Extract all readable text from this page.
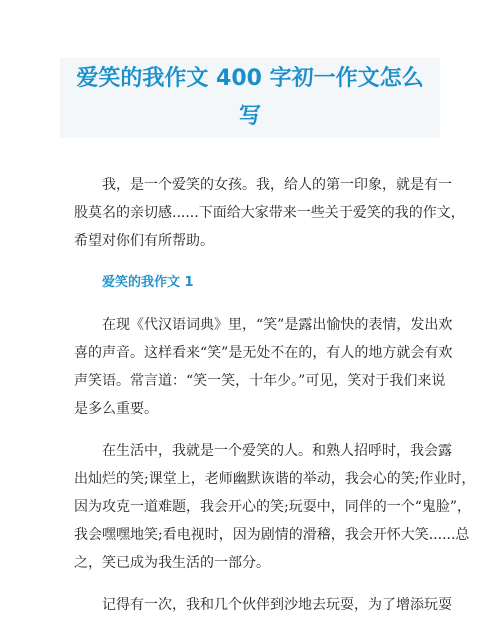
爱笑的我作文 400 字初一作文怎么
写
我，是一个爱笑的女孩。我，给人的第一印象，就是有一
股莫名的亲切感......下面给大家带来一些关于爱笑的我的作文，
希望对你们有所帮助。
爱笑的我作文 1
在现《代汉语词典》里，“笑”是露出愉快的表情，发出欢
喜的声音。这样看来“笑”是无处不在的，有人的地方就会有欢
声笑语。常言道：“笑一笑，十年少。”可见，笑对于我们来说
是多么重要。
在生活中，我就是一个爱笑的人。和熟人招呼时，我会露
出灿烂的笑;课堂上，老师幽默诙谐的举动，我会心的笑;作业时，
因为攻克一道难题，我会开心的笑;玩耍中，同伴的一个“鬼脸”，
我会嘿嘿地笑;看电视时，因为剧情的滑稽，我会开怀大笑......总
之，笑已成为我生活的一部分。
记得有一次，我和几个伙伴到沙地去玩耍，为了增添玩耍
